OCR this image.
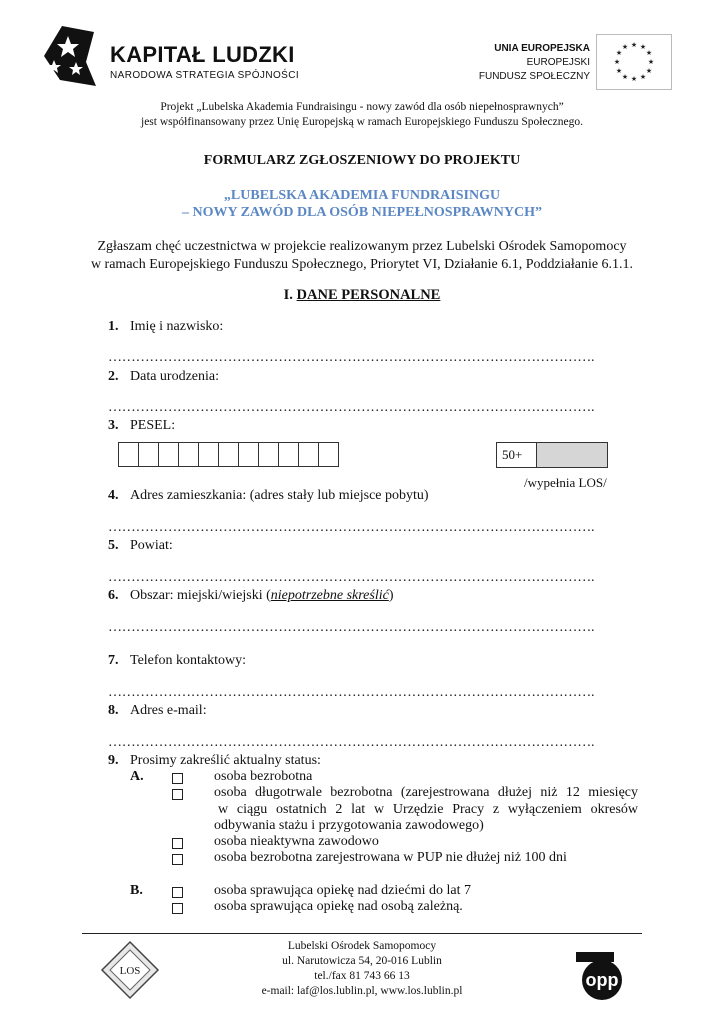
KAPITAŁ LUDZKI
NARODOWA STRATEGIA SPÓJNOŚCI
UNIA EUROPEJSKA
EUROPEJSKI
FUNDUSZ SPOŁECZNY
★ ★
★
★
★
★
★
★
★
★
★
★
Projekt „Lubelska Akademia Fundraisingu - nowy zawód dla osób niepełnosprawnych”
jest współfinansowany przez Unię Europejską w ramach Europejskiego Funduszu Społecznego.
FORMULARZ ZGŁOSZENIOWY DO PROJEKTU
„LUBELSKA AKADEMIA FUNDRAISINGU
– NOWY ZAWÓD DLA OSÓB NIEPEŁNOSPRAWNYCH”
Zgłaszam chęć uczestnictwa w projekcie realizowanym przez Lubelski Ośrodek Samopomocy
w ramach Europejskiego Funduszu Społecznego, Priorytet VI, Działanie 6.1, Poddziałanie 6.1.1.
I. DANE PERSONALNE
1. Imię i nazwisko:
…………………………………………………………………………………………….
2. Data urodzenia:
…………………………………………………………………………………………….
3. PESEL:
50+
/wypełnia LOS/
4. Adres zamieszkania: (adres stały lub miejsce pobytu)
…………………………………………………………………………………………….
5. Powiat:
…………………………………………………………………………………………….
6. Obszar: miejski/wiejski (niepotrzebne skreślić)
…………………………………………………………………………………………….
7. Telefon kontaktowy:
…………………………………………………………………………………………….
8. Adres e-mail:
…………………………………………………………………………………………….
9. Prosimy zakreślić aktualny status:
A.	osoba bezrobotna
osoba długotrwale bezrobotna (zarejestrowana dłużej niż 12 miesięcy
w ciągu ostatnich 2 lat w Urzędzie Pracy z wyłączeniem okresów
odbywania stażu i przygotowania zawodowego)
osoba nieaktywna zawodowo
osoba bezrobotna zarejestrowana w PUP nie dłużej niż 100 dni
B.	osoba sprawująca opiekę nad dziećmi do lat 7
osoba sprawująca opiekę nad osobą zależną.
LOS
Lubelski Ośrodek Samopomocy
ul. Narutowicza 54, 20-016 Lublin
tel./fax 81 743 66 13
e-mail: laf@los.lublin.pl, www.los.lublin.pl
opp
